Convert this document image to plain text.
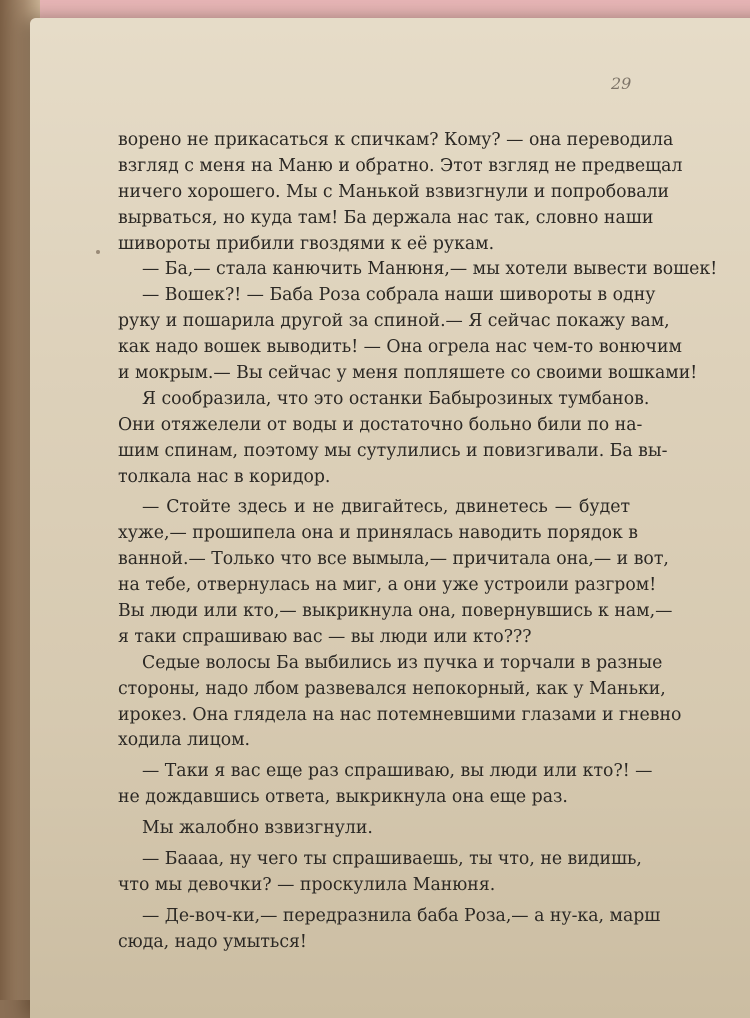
29
ворено не прикасаться к спичкам? Кому? — она переводила
взгляд с меня на Маню и обратно. Этот взгляд не предвещал
ничего хорошего. Мы с Манькой взвизгнули и попробовали
вырваться, но куда там! Ба держала нас так, словно наши
шивороты прибили гвоздями к её рукам.
— Ба,— стала канючить Манюня,— мы хотели вывести вошек!
— Вошек?! — Баба Роза собрала наши шивороты в одну
руку и пошарила другой за спиной.— Я сейчас покажу вам,
как надо вошек выводить! — Она огрела нас чем-то вонючим
и мокрым.— Вы сейчас у меня попляшете со своими вошками!
Я сообразила, что это останки Бабырозиных тумбанов.
Они отяжелели от воды и достаточно больно били по на-
шим спинам, поэтому мы сутулились и повизгивали. Ба вы-
толкала нас в коридор.
— Стойте здесь и не двигайтесь, двинетесь — будет
хуже,— прошипела она и принялась наводить порядок в
ванной.— Только что все вымыла,— причитала она,— и вот,
на тебе, отвернулась на миг, а они уже устроили разгром!
Вы люди или кто,— выкрикнула она, повернувшись к нам,—
я таки спрашиваю вас — вы люди или кто???
Седые волосы Ба выбились из пучка и торчали в разные
стороны, надо лбом развевался непокорный, как у Маньки,
ирокез. Она глядела на нас потемневшими глазами и гневно
ходила лицом.
— Таки я вас еще раз спрашиваю, вы люди или кто?! —
не дождавшись ответа, выкрикнула она еще раз.
Мы жалобно взвизгнули.
— Баааа, ну чего ты спрашиваешь, ты что, не видишь,
что мы девочки? — проскулила Манюня.
— Де-воч-ки,— передразнила баба Роза,— а ну-ка, марш
сюда, надо умыться!
